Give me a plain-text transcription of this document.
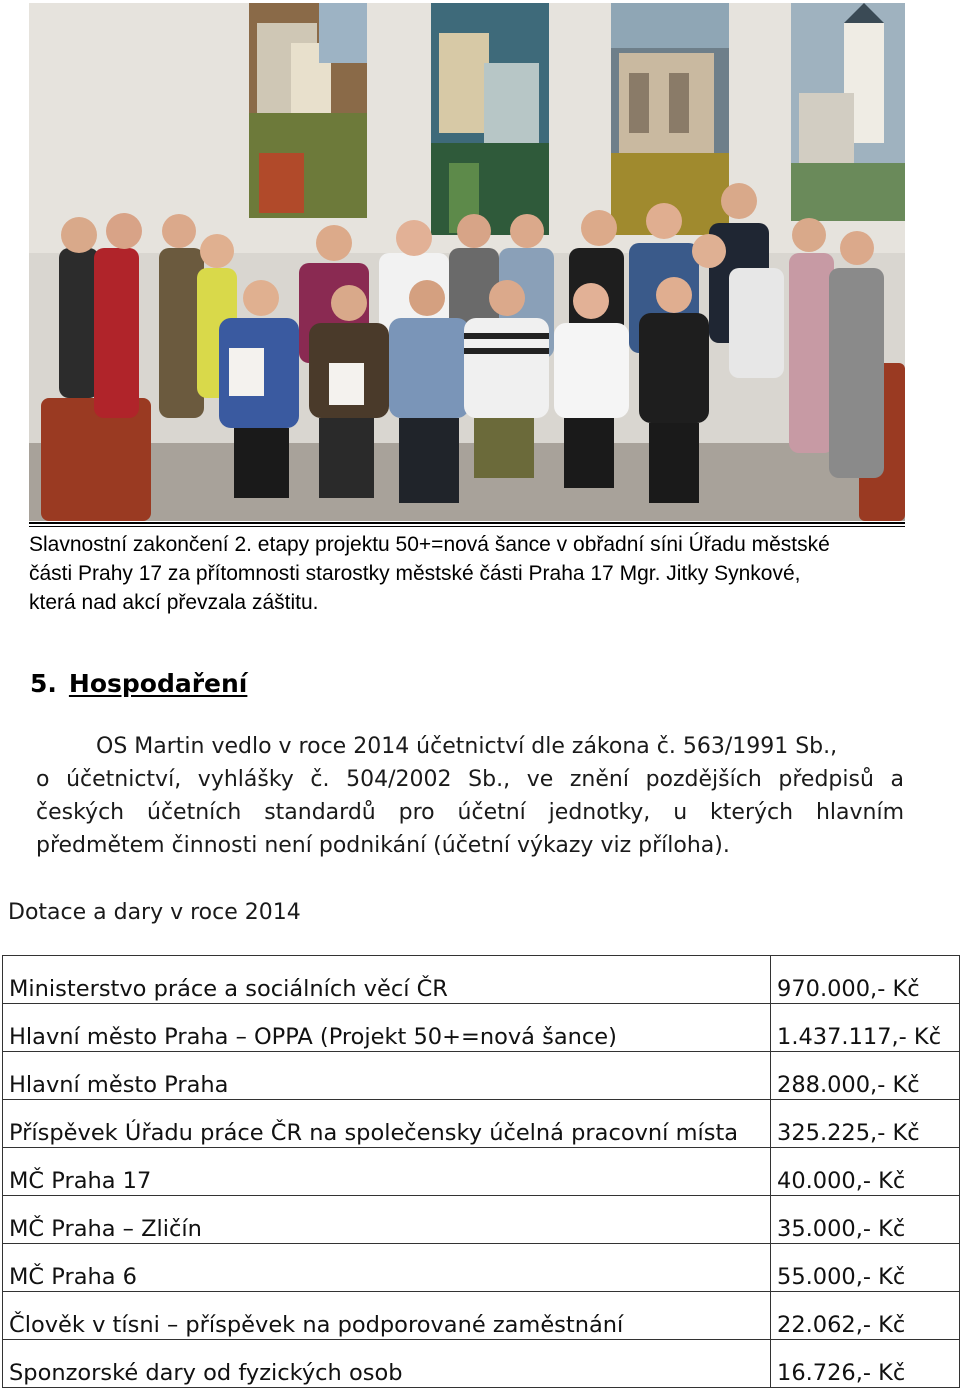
Slavnostní zakončení 2. etapy projektu 50+=nová šance v obřadní síni Úřadu městské
části Prahy 17 za přítomnosti starostky městské části Praha 17 Mgr. Jitky Synkové,
která nad akcí převzala záštitu.
5. Hospodaření
OS Martin vedlo v roce 2014 účetnictví dle zákona č. 563/1991 Sb.,
o účetnictví, vyhlášky č. 504/2002 Sb., ve znění pozdějších předpisů a
českých účetních standardů pro účetní jednotky, u kterých hlavním
předmětem činnosti není podnikání (účetní výkazy viz příloha).
Dotace a dary v roce 2014
Ministerstvo práce a sociálních věcí ČR	970.000,- Kč
Hlavní město Praha – OPPA (Projekt 50+=nová šance)	1.437.117,- Kč
Hlavní město Praha	288.000,- Kč
Příspěvek Úřadu práce ČR na společensky účelná pracovní místa	325.225,- Kč
MČ Praha 17	40.000,- Kč
MČ Praha – Zličín	35.000,- Kč
MČ Praha 6	55.000,- Kč
Člověk v tísni – příspěvek na podporované zaměstnání	22.062,- Kč
Sponzorské dary od fyzických osob	16.726,- Kč
